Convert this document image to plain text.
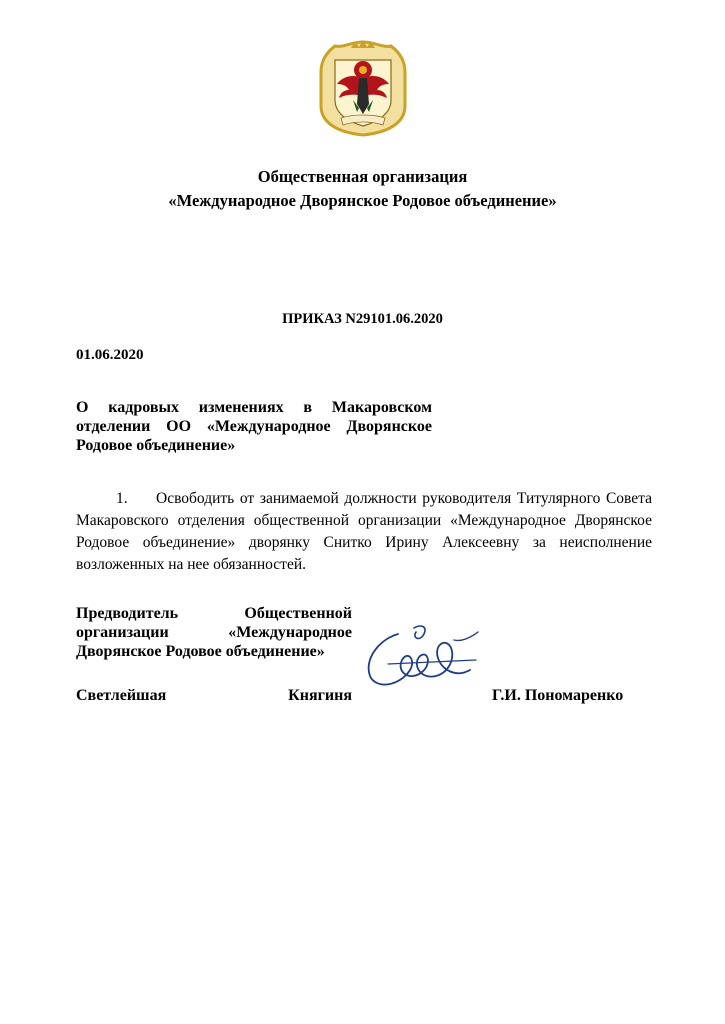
Общественная организация
«Международное Дворянское Родовое объединение»
ПРИКАЗ N29101.06.2020
01.06.2020
О кадровых изменениях в Макаровском отделении ОО «Международное Дворянское Родовое объединение»
1. Освободить от занимаемой должности руководителя Титулярного Совета Макаровского отделения общественной организации «Международное Дворянское Родовое объединение» дворянку Снитко Ирину Алексеевну за неисполнение возложенных на нее обязанностей.
Предводитель Общественной организации «Международное Дворянское Родовое объединение»
Светлейшая	Княгиня	Г.И. Пономаренко
